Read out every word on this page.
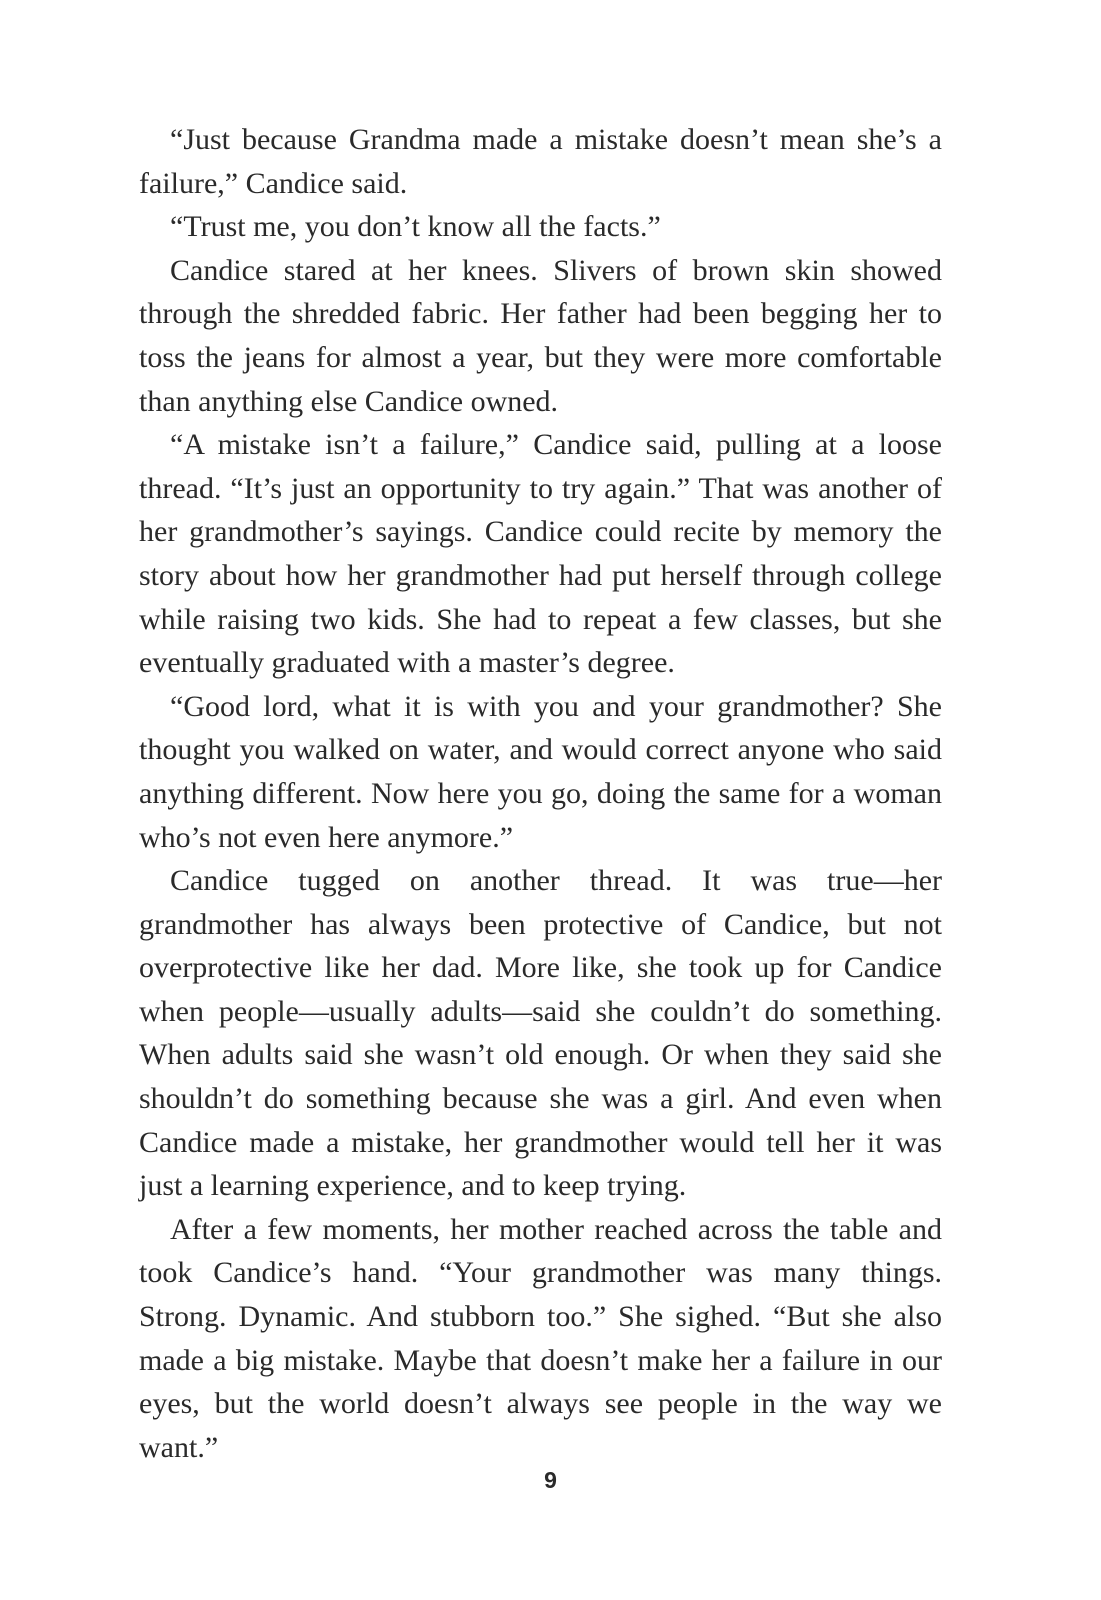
“Just because Grandma made a mistake doesn’t mean she’s a failure,” Candice said.

“Trust me, you don’t know all the facts.”

Candice stared at her knees. Slivers of brown skin showed through the shredded fabric. Her father had been begging her to toss the jeans for almost a year, but they were more comfortable than anything else Candice owned.

“A mistake isn’t a failure,” Candice said, pulling at a loose thread. “It’s just an opportunity to try again.” That was another of her grandmother’s sayings. Candice could recite by memory the story about how her grandmother had put herself through college while raising two kids. She had to repeat a few classes, but she eventually graduated with a master’s degree.

“Good lord, what it is with you and your grandmother? She thought you walked on water, and would correct anyone who said anything different. Now here you go, doing the same for a woman who’s not even here anymore.”

Candice tugged on another thread. It was true—her grandmother has always been protective of Candice, but not overprotective like her dad. More like, she took up for Candice when people—usually adults—said she couldn’t do something. When adults said she wasn’t old enough. Or when they said she shouldn’t do something because she was a girl. And even when Candice made a mistake, her grandmother would tell her it was just a learning experience, and to keep trying.

After a few moments, her mother reached across the table and took Candice’s hand. “Your grandmother was many things. Strong. Dynamic. And stubborn too.” She sighed. “But she also made a big mistake. Maybe that doesn’t make her a failure in our eyes, but the world doesn’t always see people in the way we want.”

9
